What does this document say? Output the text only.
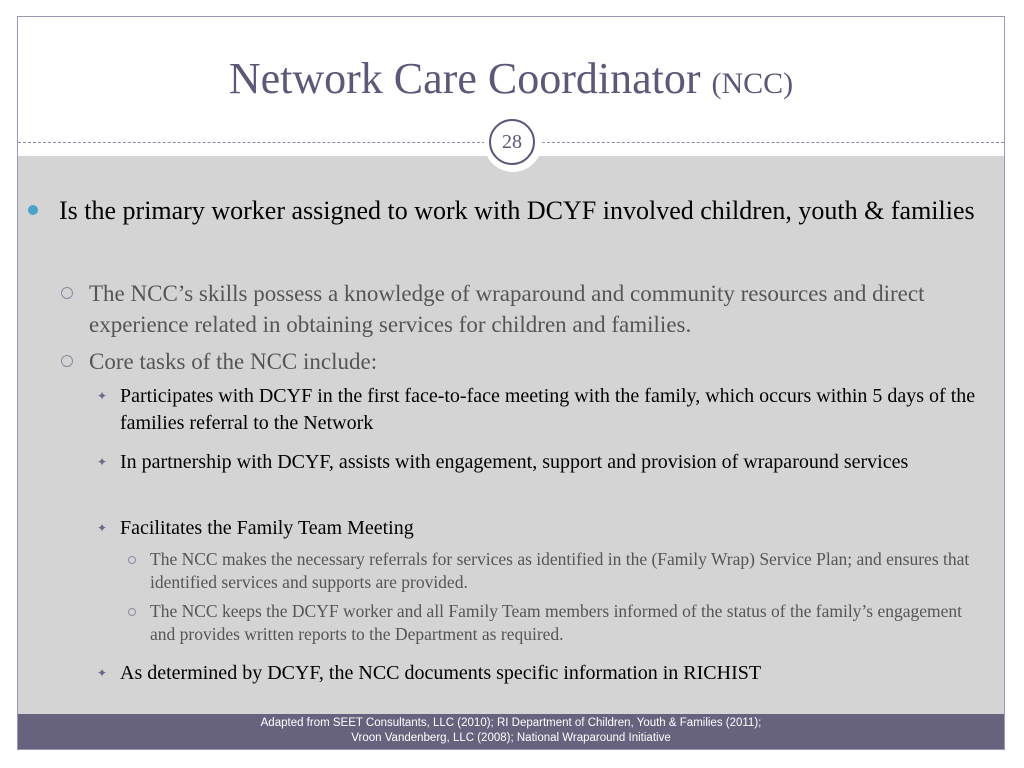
Network Care Coordinator (NCC)
Is the primary worker assigned to work with DCYF involved children, youth & families
The NCC’s skills possess a knowledge of wraparound and community resources and direct experience related in obtaining services for children and families.
Core tasks of the NCC include:
✦ Participates with DCYF in the first face-to-face meeting with the family, which occurs within 5 days of the families referral to the Network
✦ In partnership with DCYF, assists with engagement, support and provision of wraparound services
✦ Facilitates the Family Team Meeting
The NCC makes the necessary referrals for services as identified in the (Family Wrap) Service Plan; and ensures that identified services and supports are provided.
The NCC keeps the DCYF worker and all Family Team members informed of the status of the family’s engagement and provides written reports to the Department as required.
✦ As determined by DCYF, the NCC documents specific information in RICHIST
28
Adapted from SEET Consultants, LLC (2010); RI Department of Children, Youth & Families (2011);
Vroon Vandenberg, LLC (2008); National Wraparound Initiative
